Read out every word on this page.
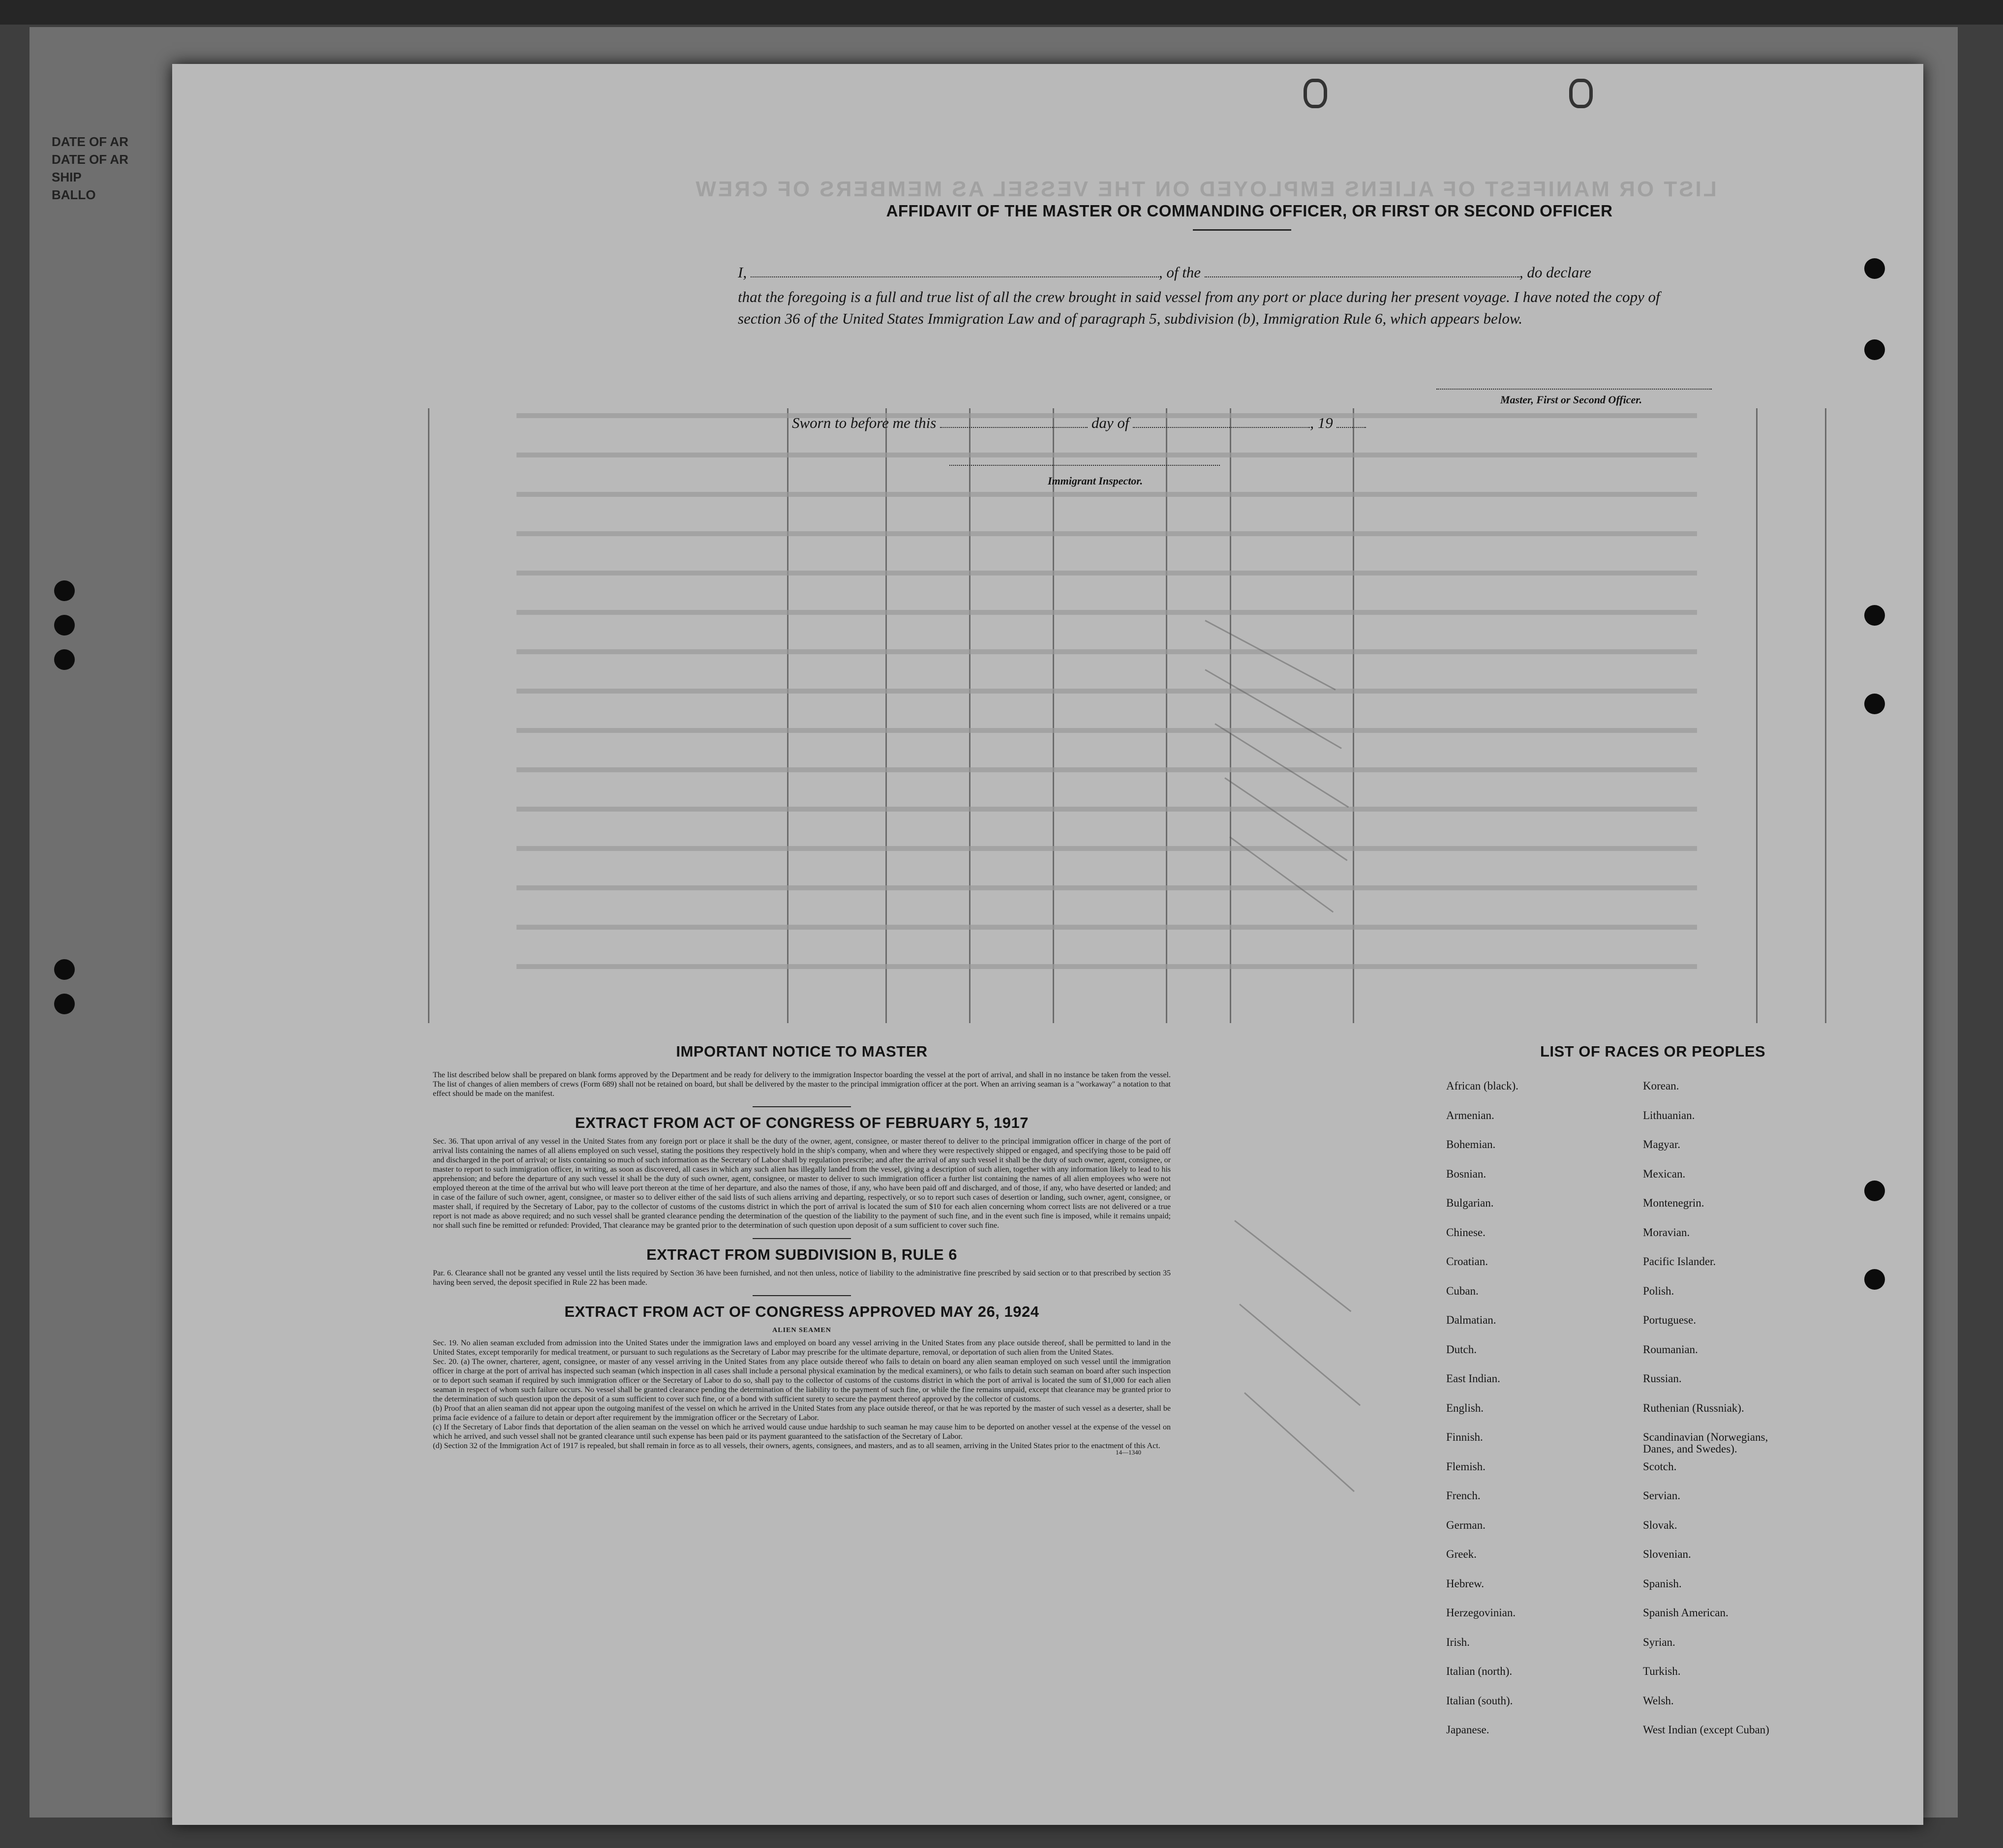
DATE OF AR
DATE OF AR
SHIP
BALLO	LIST OR MANIFEST OF ALIENS EMPLOYED ON THE VESSEL AS MEMBERS OF CREW
AFFIDAVIT OF THE MASTER OR COMMANDING OFFICER, OR FIRST OR SECOND OFFICER
I,	, of the	, do declare
that the foregoing is a full and true list of all the crew brought in said vessel from any port or place during her present voyage. I have noted the copy of section 36 of the United States Immigration Law and of paragraph 5, subdivision (b), Immigration Rule 6, which appears below.
Master, First or Second Officer.
Sworn to before me this	day of	, 19
Immigrant Inspector.
IMPORTANT NOTICE TO MASTER

The list described below shall be prepared on blank forms approved by the Department and be ready for delivery to the immigration Inspector boarding the vessel at the port of arrival, and shall in no instance be taken from the vessel. The list of changes of alien members of crews (Form 689) shall not be retained on board, but shall be delivered by the master to the principal immigration officer at the port. When an arriving seaman is a "workaway" a notation to that effect should be made on the manifest.

EXTRACT FROM ACT OF CONGRESS OF FEBRUARY 5, 1917

Sec. 36. That upon arrival of any vessel in the United States from any foreign port or place it shall be the duty of the owner, agent, consignee, or master thereof to deliver to the principal immigration officer in charge of the port of arrival lists containing the names of all aliens employed on such vessel, stating the positions they respectively hold in the ship's company, when and where they were respectively shipped or engaged, and specifying those to be paid off and discharged in the port of arrival; or lists containing so much of such information as the Secretary of Labor shall by regulation prescribe; and after the arrival of any such vessel it shall be the duty of such owner, agent, consignee, or master to report to such immigration officer, in writing, as soon as discovered, all cases in which any such alien has illegally landed from the vessel, giving a description of such alien, together with any information likely to lead to his apprehension; and before the departure of any such vessel it shall be the duty of such owner, agent, consignee, or master to deliver to such immigration officer a further list containing the names of all alien employees who were not employed thereon at the time of the arrival but who will leave port thereon at the time of her departure, and also the names of those, if any, who have been paid off and discharged, and of those, if any, who have deserted or landed; and in case of the failure of such owner, agent, consignee, or master so to deliver either of the said lists of such aliens arriving and departing, respectively, or so to report such cases of desertion or landing, such owner, agent, consignee, or master shall, if required by the Secretary of Labor, pay to the collector of customs of the customs district in which the port of arrival is located the sum of $10 for each alien concerning whom correct lists are not delivered or a true report is not made as above required; and no such vessel shall be granted clearance pending the determination of the question of the liability to the payment of such fine, and in the event such fine is imposed, while it remains unpaid; nor shall such fine be remitted or refunded: Provided, That clearance may be granted prior to the determination of such question upon deposit of a sum sufficient to cover such fine.

EXTRACT FROM SUBDIVISION B, RULE 6

Par. 6. Clearance shall not be granted any vessel until the lists required by Section 36 have been furnished, and not then unless, notice of liability to the administrative fine prescribed by said section or to that prescribed by section 35 having been served, the deposit specified in Rule 22 has been made.

EXTRACT FROM ACT OF CONGRESS APPROVED MAY 26, 1924
ALIEN SEAMEN

Sec. 19. No alien seaman excluded from admission into the United States under the immigration laws and employed on board any vessel arriving in the United States from any place outside thereof, shall be permitted to land in the United States, except temporarily for medical treatment, or pursuant to such regulations as the Secretary of Labor may prescribe for the ultimate departure, removal, or deportation of such alien from the United States.

Sec. 20. (a) The owner, charterer, agent, consignee, or master of any vessel arriving in the United States from any place outside thereof who fails to detain on board any alien seaman employed on such vessel until the immigration officer in charge at the port of arrival has inspected such seaman (which inspection in all cases shall include a personal physical examination by the medical examiners), or who fails to detain such seaman on board after such inspection or to deport such seaman if required by such immigration officer or the Secretary of Labor to do so, shall pay to the collector of customs of the customs district in which the port of arrival is located the sum of $1,000 for each alien seaman in respect of whom such failure occurs. No vessel shall be granted clearance pending the determination of the liability to the payment of such fine, or while the fine remains unpaid, except that clearance may be granted prior to the determination of such question upon the deposit of a sum sufficient to cover such fine, or of a bond with sufficient surety to secure the payment thereof approved by the collector of customs.

(b) Proof that an alien seaman did not appear upon the outgoing manifest of the vessel on which he arrived in the United States from any place outside thereof, or that he was reported by the master of such vessel as a deserter, shall be prima facie evidence of a failure to detain or deport after requirement by the immigration officer or the Secretary of Labor.

(c) If the Secretary of Labor finds that deportation of the alien seaman on the vessel on which he arrived would cause undue hardship to such seaman he may cause him to be deported on another vessel at the expense of the vessel on which he arrived, and such vessel shall not be granted clearance until such expense has been paid or its payment guaranteed to the satisfaction of the Secretary of Labor.

(d) Section 32 of the Immigration Act of 1917 is repealed, but shall remain in force as to all vessels, their owners, agents, consignees, and masters, and as to all seamen, arriving in the United States prior to the enactment of this Act.

14—1340
LIST OF RACES OR PEOPLES
African (black).
Armenian.
Bohemian.
Bosnian.
Bulgarian.
Chinese.
Croatian.
Cuban.
Dalmatian.
Dutch.
East Indian.
English.
Finnish.
Flemish.
French.
German.
Greek.
Hebrew.
Herzegovinian.
Irish.
Italian (north).
Italian (south).
Japanese.
Korean.
Lithuanian.
Magyar.
Mexican.
Montenegrin.
Moravian.
Pacific Islander.
Polish.
Portuguese.
Roumanian.
Russian.
Ruthenian (Russniak).
Scandinavian (Norwegians,
Danes, and Swedes).
Scotch.
Servian.
Slovak.
Slovenian.
Spanish.
Spanish American.
Syrian.
Turkish.
Welsh.
West Indian (except Cuban)
